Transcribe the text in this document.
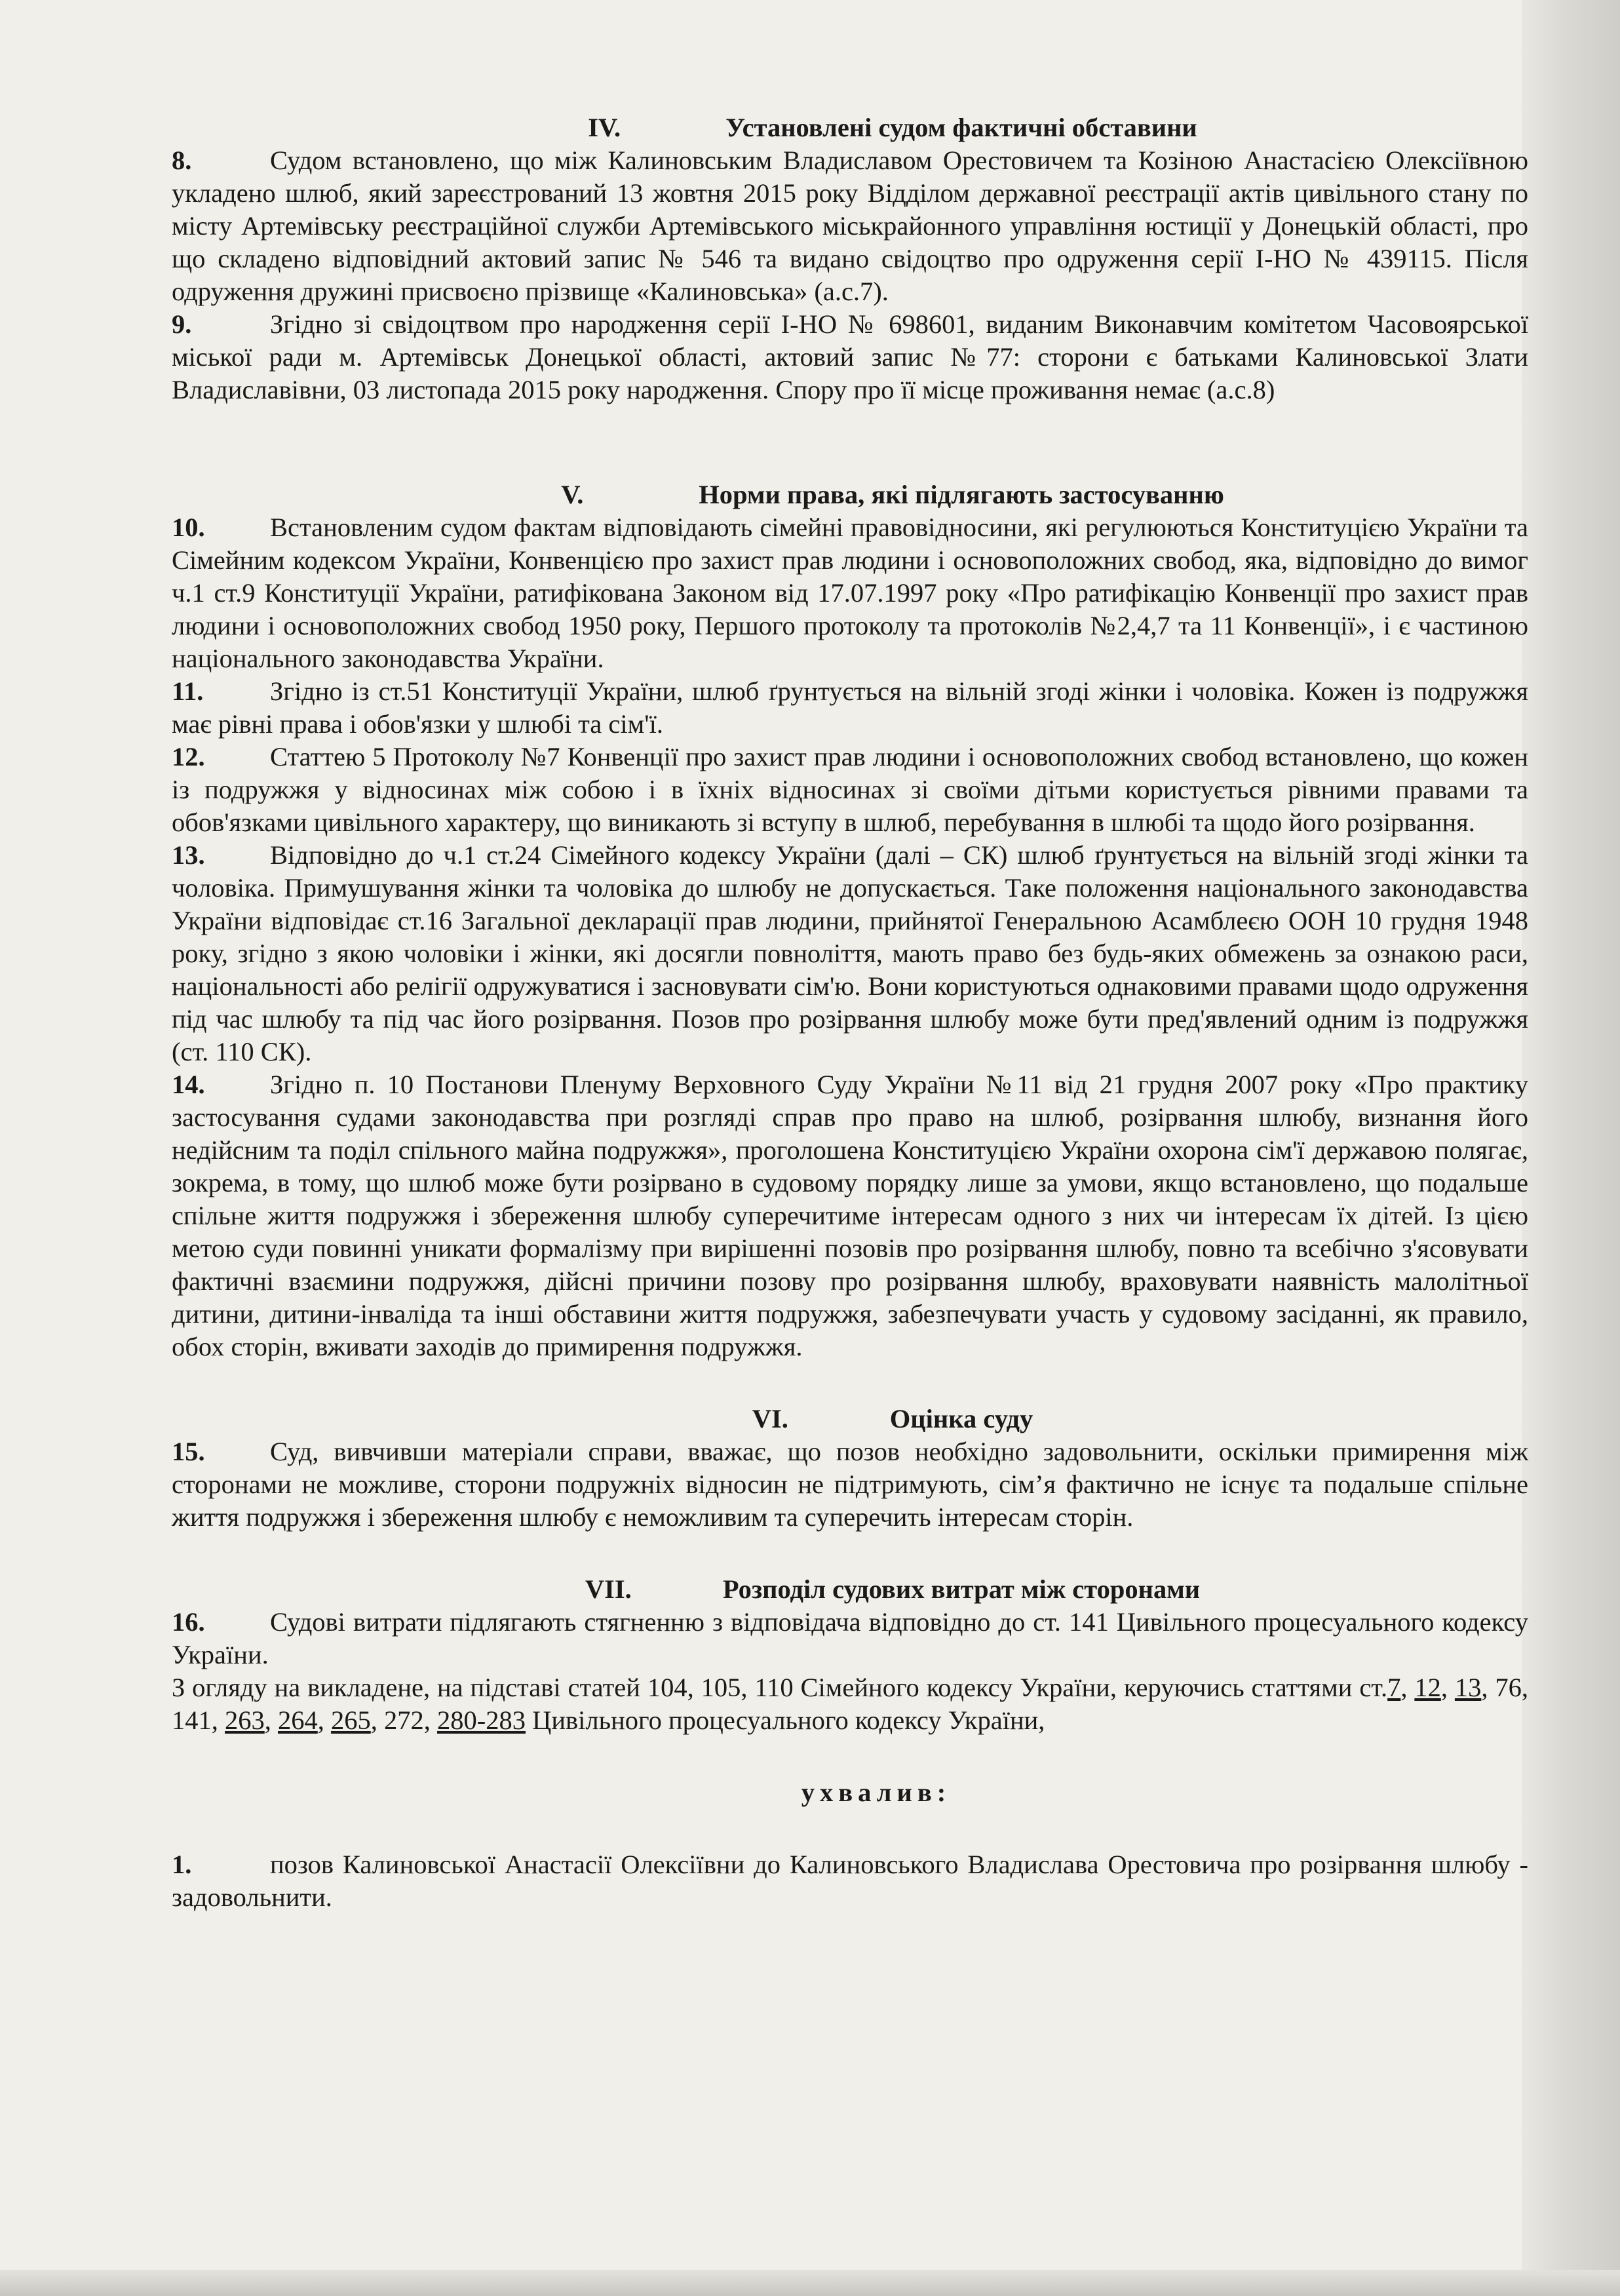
IV.	Установлені судом фактичні обставини

8.	Судом встановлено, що між Калиновським Владиславом Орестовичем та Козіною Анастасією Олексіївною укладено шлюб, який зареєстрований 13 жовтня 2015 року Відділом державної реєстрації актів цивільного стану по місту Артемівську реєстраційної служби Артемівського міськрайонного управління юстиції у Донецькій області, про що складено відповідний актовий запис № 546 та видано свідоцтво про одруження серії І-НО № 439115. Після одруження дружині присвоєно прізвище «Калиновська» (а.с.7).

9.	Згідно зі свідоцтвом про народження серії І-НО № 698601, виданим Виконавчим комітетом Часовоярської міської ради м. Артемівськ Донецької області, актовий запис №77: сторони є батьками Калиновської Злати Владиславівни, 03 листопада 2015 року народження. Спору про її місце проживання немає (а.с.8)

V.	Норми права, які підлягають застосуванню

10. Встановленим судом фактам відповідають сімейні правовідносини, які регулюються Конституцією України та Сімейним кодексом України, Конвенцією про захист прав людини і основоположних свобод, яка, відповідно до вимог ч.1 ст.9 Конституції України, ратифікована Законом від 17.07.1997 року «Про ратифікацію Конвенції про захист прав людини і основоположних свобод 1950 року, Першого протоколу та протоколів №2,4,7 та 11 Конвенції», і є частиною національного законодавства України.

11.	Згідно із ст.51 Конституції України, шлюб ґрунтується на вільній згоді жінки і чоловіка. Кожен із подружжя має рівні права і обов'язки у шлюбі та сім'ї.

12. Статтею 5 Протоколу №7 Конвенції про захист прав людини і основоположних свобод встановлено, що кожен із подружжя у відносинах між собою і в їхніх відносинах зі своїми дітьми користується рівними правами та обов'язками цивільного характеру, що виникають зі вступу в шлюб, перебування в шлюбі та щодо його розірвання.

13. Відповідно до ч.1 ст.24 Сімейного кодексу України (далі – СК) шлюб ґрунтується на вільній згоді жінки та чоловіка. Примушування жінки та чоловіка до шлюбу не допускається. Таке положення національного законодавства України відповідає ст.16 Загальної декларації прав людини, прийнятої Генеральною Асамблеєю ООН 10 грудня 1948 року, згідно з якою чоловіки і жінки, які досягли повноліття, мають право без будь-яких обмежень за ознакою раси, національності або релігії одружуватися і засновувати сім'ю. Вони користуються однаковими правами щодо одруження під час шлюбу та під час його розірвання. Позов про розірвання шлюбу може бути пред'явлений одним із подружжя (ст. 110 СК).

14. Згідно п. 10 Постанови Пленуму Верховного Суду України №11 від 21 грудня 2007 року «Про практику застосування судами законодавства при розгляді справ про право на шлюб, розірвання шлюбу, визнання його недійсним та поділ спільного майна подружжя», проголошена Конституцією України охорона сім'ї державою полягає, зокрема, в тому, що шлюб може бути розірвано в судовому порядку лише за умови, якщо встановлено, що подальше спільне життя подружжя і збереження шлюбу суперечитиме інтересам одного з них чи інтересам їх дітей. Із цією метою суди повинні уникати формалізму при вирішенні позовів про розірвання шлюбу, повно та всебічно з'ясовувати фактичні взаємини подружжя, дійсні причини позову про розірвання шлюбу, враховувати наявність малолітньої дитини, дитини-інваліда та інші обставини життя подружжя, забезпечувати участь у судовому засіданні, як правило, обох сторін, вживати заходів до примирення подружжя.

VI.	Оцінка суду

15. Суд, вивчивши матеріали справи, вважає, що позов необхідно задовольнити, оскільки примирення між сторонами не можливе, сторони подружніх відносин не підтримують, сім’я фактично не існує та подальше спільне життя подружжя і збереження шлюбу є неможливим та суперечить інтересам сторін.

VII.	Розподіл судових витрат між сторонами

16. Судові витрати підлягають стягненню з відповідача відповідно до ст. 141 Цивільного процесуального кодексу України.

З огляду на викладене, на підставі статей 104, 105, 110 Сімейного кодексу України, керуючись статтями ст.7, 12, 13, 76, 141, 263, 264, 265, 272, 280-283 Цивільного процесуального кодексу України,

ухвалив:

1.	позов Калиновської Анастасії Олексіївни до Калиновського Владислава Орестовича про розірвання шлюбу - задовольнити.
